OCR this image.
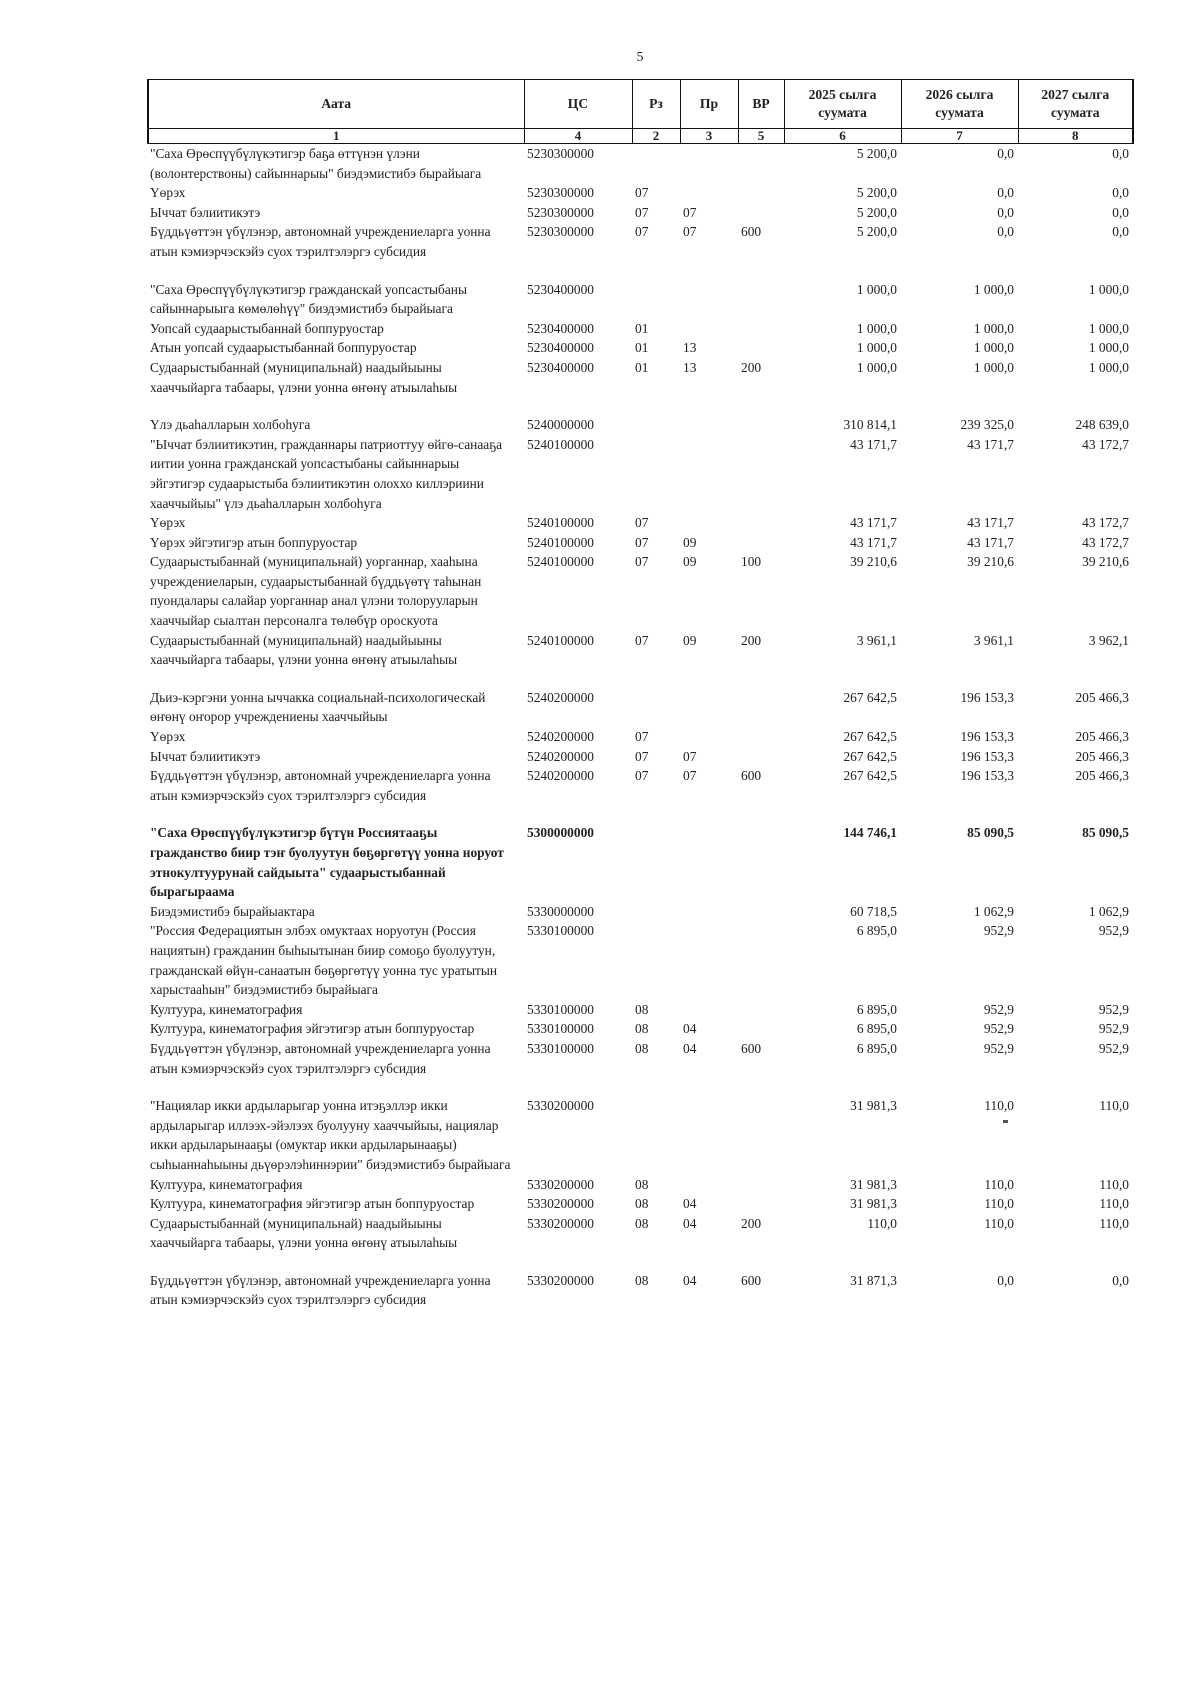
5
Аата	ЦС	Рз	Пр	ВР	2025 сылга суумата	2026 сылга суумата	2027 сылга суумата
1	4	2	3	5	6	7	8
"Саха Өрөспүүбүлүкэтигэр баҕа өттүнэн үлэни (волонтерствоны) сайыннарыы" биэдэмистибэ бырайыага	5230300000				5 200,0	0,0	0,0
Үөрэх	5230300000	07			5 200,0	0,0	0,0
Ыччат бэлиитикэтэ	5230300000	07	07		5 200,0	0,0	0,0
Бүддьүөттэн үбүлэнэр, автономнай учреждениеларга уонна атын кэмиэрчэскэйэ суох тэрилтэлэргэ субсидия	5230300000	07	07	600	5 200,0	0,0	0,0
"Саха Өрөспүүбүлүкэтигэр гражданскай уопсастыбаны сайыннарыыга көмөлөһүү" биэдэмистибэ бырайыага	5230400000				1 000,0	1 000,0	1 000,0
Уопсай судаарыстыбаннай боппуруостар	5230400000	01			1 000,0	1 000,0	1 000,0
Атын уопсай судаарыстыбаннай боппуруостар	5230400000	01	13		1 000,0	1 000,0	1 000,0
Судаарыстыбаннай (муниципальнай) наадыйыыны хааччыйарга табаары, үлэни уонна өҥөнү атыылаһыы	5230400000	01	13	200	1 000,0	1 000,0	1 000,0
Үлэ дьаһалларын холбоһуга	5240000000				310 814,1	239 325,0	248 639,0
"Ыччат бэлиитикэтин, гражданнары патриоттуу өйгө-санааҕа иитии уонна гражданскай уопсастыбаны сайыннарыы эйгэтигэр судаарыстыба бэлиитикэтин олоххо киллэриини хааччыйыы" үлэ дьаһалларын холбоһуга	5240100000				43 171,7	43 171,7	43 172,7
Үөрэх	5240100000	07			43 171,7	43 171,7	43 172,7
Үөрэх эйгэтигэр атын боппуруостар	5240100000	07	09		43 171,7	43 171,7	43 172,7
Судаарыстыбаннай (муниципальнай) уорганнар, хааһына учреждениеларын, судаарыстыбаннай бүддьүөтү таһынан пуондалары салайар уорганнар анал үлэни толорууларын хааччыйар сыалтан персоналга төлөбүр ороскуота	5240100000	07	09	100	39 210,6	39 210,6	39 210,6
Судаарыстыбаннай (муниципальнай) наадыйыыны хааччыйарга табаары, үлэни уонна өҥөнү атыылаһыы	5240100000	07	09	200	3 961,1	3 961,1	3 962,1
Дьиэ-кэргэни уонна ыччакка социальнай-психологическай өҥөнү оҥорор учреждениены хааччыйыы	5240200000				267 642,5	196 153,3	205 466,3
Үөрэх	5240200000	07			267 642,5	196 153,3	205 466,3
Ыччат бэлиитикэтэ	5240200000	07	07		267 642,5	196 153,3	205 466,3
Бүддьүөттэн үбүлэнэр, автономнай учреждениеларга уонна атын кэмиэрчэскэйэ суох тэрилтэлэргэ субсидия	5240200000	07	07	600	267 642,5	196 153,3	205 466,3
"Саха Өрөспүүбүлүкэтигэр бүтүн Россиятааҕы гражданство биир тэҥ буолуутун бөҕөргөтүү уонна норуот этнокултуурунай сайдыыта" судаарыстыбаннай бырагыраама	5300000000				144 746,1	85 090,5	85 090,5
Биэдэмистибэ бырайыактара	5330000000				60 718,5	1 062,9	1 062,9
"Россия Федерациятын элбэх омуктаах норуотун (Россия нациятын) гражданин быһыытынан биир сомоҕо буолуутун, гражданскай өйүн-санаатын бөҕөргөтүү уонна тус уратытын харыстааһын" биэдэмистибэ бырайыага	5330100000				6 895,0	952,9	952,9
Култуура, кинематография	5330100000	08			6 895,0	952,9	952,9
Култуура, кинематография эйгэтигэр атын боппуруостар	5330100000	08	04		6 895,0	952,9	952,9
Бүддьүөттэн үбүлэнэр, автономнай учреждениеларга уонна атын кэмиэрчэскэйэ суох тэрилтэлэргэ субсидия	5330100000	08	04	600	6 895,0	952,9	952,9
"Нациялар икки ардыларыгар уонна итэҕэллэр икки ардыларыгар иллээх-эйэлээх буолууну хааччыйыы, нациялар икки ардыларынааҕы (омуктар икки ардыларынааҕы) сыһыаннаһыыны дьүөрэлэһиннэрии" биэдэмистибэ бырайыага	5330200000				31 981,3	110,0	110,0
Култуура, кинематография	5330200000	08			31 981,3	110,0	110,0
Култуура, кинематография эйгэтигэр атын боппуруостар	5330200000	08	04		31 981,3	110,0	110,0
Судаарыстыбаннай (муниципальнай) наадыйыыны хааччыйарга табаары, үлэни уонна өҥөнү атыылаһыы	5330200000	08	04	200	110,0	110,0	110,0
Бүддьүөттэн үбүлэнэр, автономнай учреждениеларга уонна атын кэмиэрчэскэйэ суох тэрилтэлэргэ субсидия	5330200000	08	04	600	31 871,3	0,0	0,0
